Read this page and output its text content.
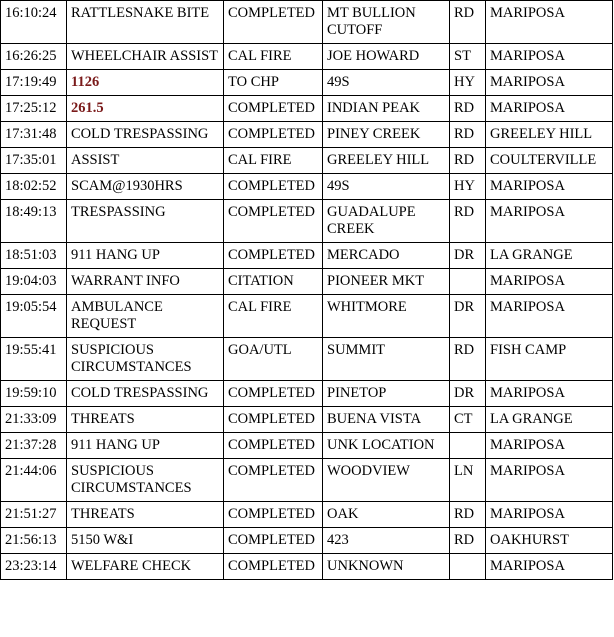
16:10:24	RATTLESNAKE BITE	COMPLETED	MT BULLION CUTOFF	RD	MARIPOSA
16:26:25	WHEELCHAIR ASSIST	CAL FIRE	JOE HOWARD	ST	MARIPOSA
17:19:49	1126	TO CHP	49S	HY	MARIPOSA
17:25:12	261.5	COMPLETED	INDIAN PEAK	RD	MARIPOSA
17:31:48	COLD TRESPASSING	COMPLETED	PINEY CREEK	RD	GREELEY HILL
17:35:01	ASSIST	CAL FIRE	GREELEY HILL	RD	COULTERVILLE
18:02:52	SCAM@1930HRS	COMPLETED	49S	HY	MARIPOSA
18:49:13	TRESPASSING	COMPLETED	GUADALUPE CREEK	RD	MARIPOSA
18:51:03	911 HANG UP	COMPLETED	MERCADO	DR	LA GRANGE
19:04:03	WARRANT INFO	CITATION	PIONEER MKT		MARIPOSA
19:05:54	AMBULANCE REQUEST	CAL FIRE	WHITMORE	DR	MARIPOSA
19:55:41	SUSPICIOUS CIRCUMSTANCES	GOA/UTL	SUMMIT	RD	FISH CAMP
19:59:10	COLD TRESPASSING	COMPLETED	PINETOP	DR	MARIPOSA
21:33:09	THREATS	COMPLETED	BUENA VISTA	CT	LA GRANGE
21:37:28	911 HANG UP	COMPLETED	UNK LOCATION		MARIPOSA
21:44:06	SUSPICIOUS CIRCUMSTANCES	COMPLETED	WOODVIEW	LN	MARIPOSA
21:51:27	THREATS	COMPLETED	OAK	RD	MARIPOSA
21:56:13	5150 W&I	COMPLETED	423	RD	OAKHURST
23:23:14	WELFARE CHECK	COMPLETED	UNKNOWN		MARIPOSA
